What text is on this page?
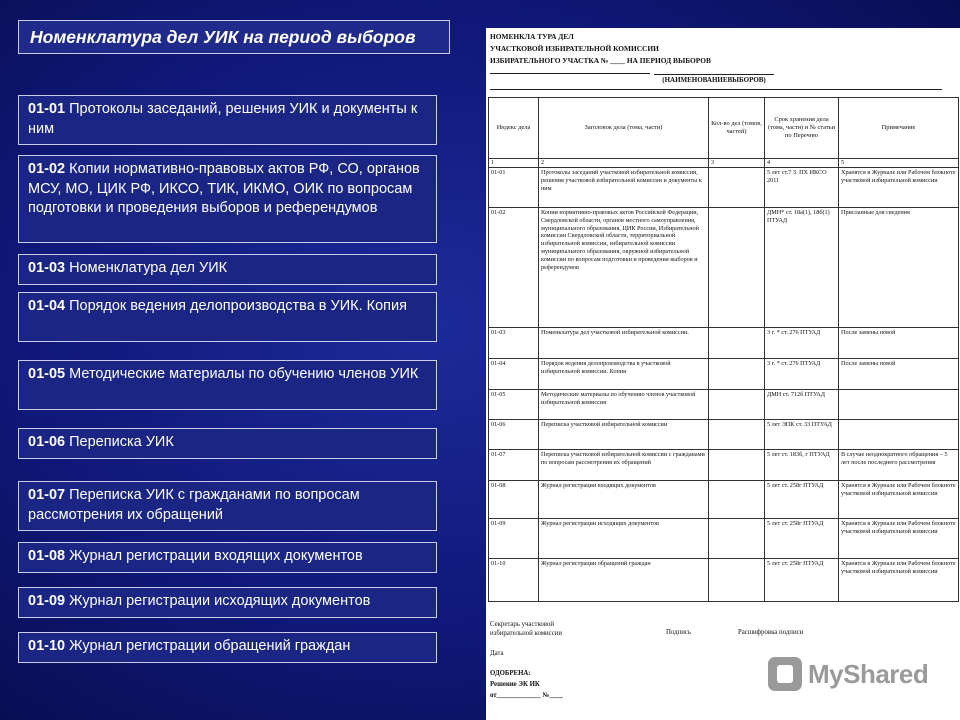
Номенклатура дел УИК на период выборов
01-01 Протоколы заседаний, решения УИК и документы к ним
01-02 Копии нормативно-правовых актов РФ, СО, органов МСУ, МО, ЦИК РФ, ИКСО, ТИК, ИКМО, ОИК по вопросам подготовки и проведения выборов и референдумов
01-03 Номенклатура дел УИК
01-04 Порядок ведения делопроизводства в УИК. Копия
01-05 Методические материалы по обучению членов УИК
01-06 Переписка УИК
01-07 Переписка УИК с гражданами по вопросам рассмотрения их обращений
01-08 Журнал регистрации входящих документов
01-09 Журнал регистрации исходящих документов
01-10 Журнал регистрации обращений граждан
НОМЕНКЛА ТУРА ДЕЛ
УЧАСТКОВОЙ ИЗБИРАТЕЛЬНОЙ КОМИССИИ
ИЗБИРАТЕЛЬНОГО УЧАСТКА № ____ НА ПЕРИОД ВЫБОРОВ
(НАИМЕНОВАНИЕВЫБОРОВ)
Индекс дела	Заголовок дела (тома, части)	Кол-во дел (томов, частей)	Срок хранения дела (тома, части) и № статьи по Перечню	Примечание
1	2	3	4	5
01-01	Протоколы заседаний участковой избирательной комиссии, решения участковой избирательной комиссии и документы к ним		5 лет ст.7 З. ПХ ИКСО 2011	Хранятся в Журнале или Рабочем блокноте участковой избирательной комиссии
01-02	Копии нормативно-правовых актов Российской Федерации, Свердловской области, органов местного самоуправления, муниципального образования, ЦИК России, Избирательной комиссии Свердловской области, территориальной избирательной комиссии, избирательной комиссии муниципального образования, окружной избирательной комиссии по вопросам подготовки и проведения выборов и референдумов		ДМН* ст. 18а(1), 18б(1) ПТУАД	Присланные для сведения
01-03	Номенклатура дел участковой избирательной комиссии.		3 г. * ст. 276 ПТУАД	После замены новой
01-04	Порядок ведения делопроизводства в участковой избирательной комиссии. Копия		3 г. * ст. 276 ПТУАД	После замены новой
01-05	Методические материалы по обучению членов участковой избирательной комиссии		ДМН ст. 712б ПТУАД	
01-06	Переписка участковой избирательной комиссии		5 лет ЭПК ст. 33 ПТУАД	
01-07	Переписка участковой избирательной комиссии с гражданами по вопросам рассмотрения их обращений		5 лет ст. 183б, г ПТУАД	В случае неоднократного обращения – 5 лет после последнего рассмотрения
01-08	Журнал регистрации входящих документов		5 лет ст. 258г ПТУАД	Хранятся в Журнале или Рабочем блокноте участковой избирательной комиссии
01-09	Журнал регистрации исходящих документов		5 лет ст. 258г ПТУАД	Хранятся в Журнале или Рабочем блокноте участковой избирательной комиссии
01-10	Журнал регистрации обращений граждан		5 лет ст. 258г ПТУАД	Хранятся в Журнале или Рабочем блокноте участковой избирательной комиссии
Секретарь участковой избирательной комиссии	Подпись	Расшифровка подписи
Дата
ОДОБРЕНА:
Решение ЭК ИК
от_____________ №____
MyShared
